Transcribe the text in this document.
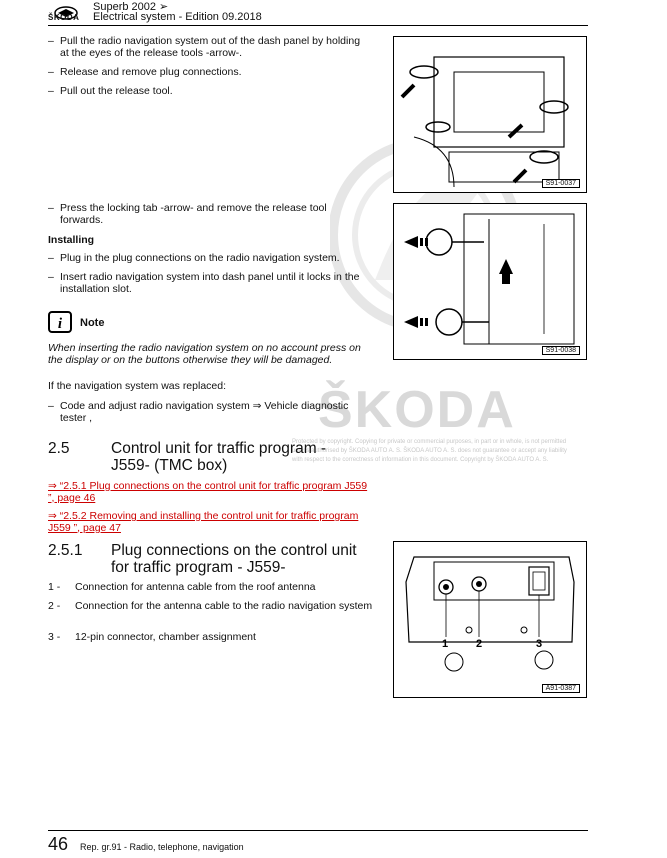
ŠKODA
Superb 2002 ➢
Electrical system - Edition 09.2018
ŠKODA
Protected by copyright. Copying for private or commercial purposes, in part or in whole, is not permitted
unless authorised by ŠKODA AUTO A. S. ŠKODA AUTO A. S. does not guarantee or accept any liability
with respect to the correctness of information in this document. Copyright by ŠKODA AUTO A. S.
– Pull the radio navigation system out of the dash panel by holding at the eyes of the release tools -arrow-.
– Release and remove plug connections.
– Pull out the release tool.
S91-0037
– Press the locking tab -arrow- and remove the release tool forwards.
Installing
– Plug in the plug connections on the radio navigation system.
– Insert radio navigation system into dash panel until it locks in the installation slot.
S91-0038
i Note
When inserting the radio navigation system on no account press on the display or on the buttons otherwise they will be damaged.
If the navigation system was replaced:
– Code and adjust radio navigation system ⇒ Vehicle diagnostic tester ,
2.5	Control unit for traffic program - J559- (TMC box)
⇒ “2.5.1 Plug connections on the control unit for traffic program J559 ”, page 46
⇒ “2.5.2 Removing and installing the control unit for traffic program J559 ”, page 47
2.5.1 Plug connections on the control unit for traffic program - J559-
1 -	Connection for antenna cable from the roof antenna
2 -	Connection for the antenna cable to the radio navigation system
3 -	12-pin connector, chamber assignment
1	2	3
A91-0387
46 Rep. gr.91 - Radio, telephone, navigation
